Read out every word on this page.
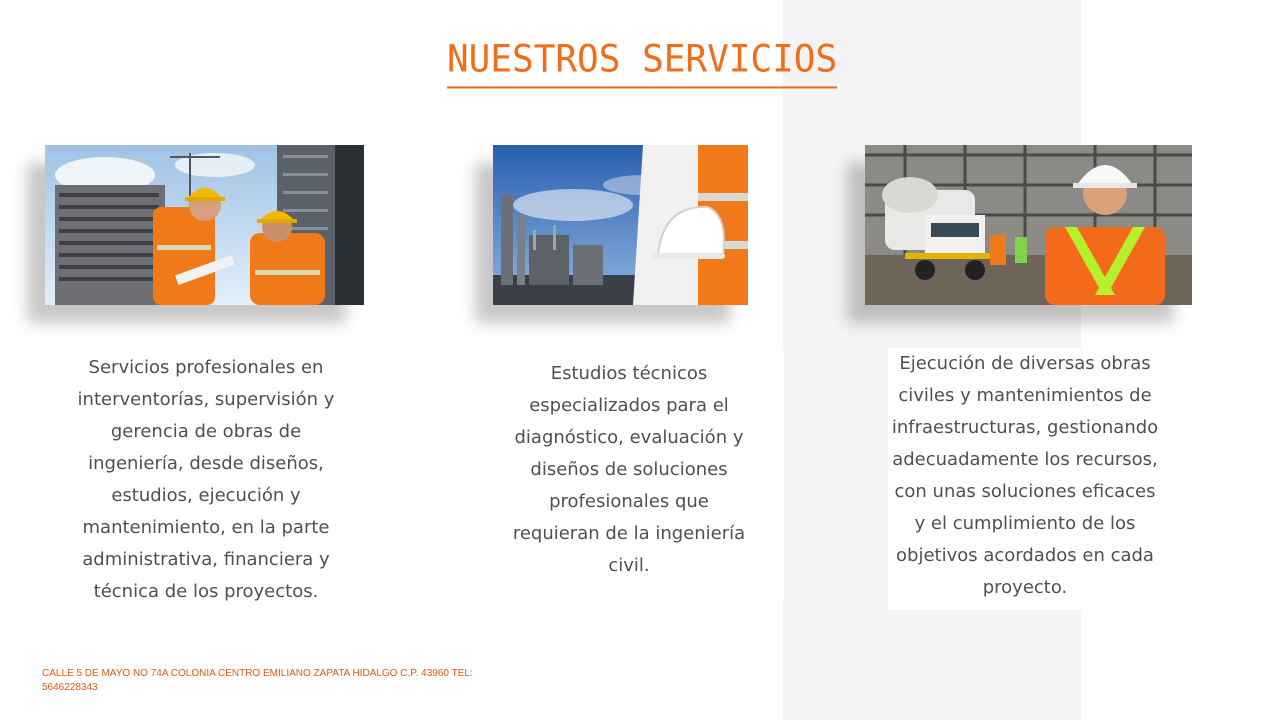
NUESTROS SERVICIOS
Servicios profesionales en interventorías, supervisión y gerencia de obras de ingeniería, desde diseños, estudios, ejecución y mantenimiento, en la parte administrativa, financiera y técnica de los proyectos.
Estudios técnicos especializados para el diagnóstico, evaluación y diseños de soluciones profesionales que requieran de la ingeniería civil.
Ejecución de diversas obras civiles y mantenimientos de infraestructuras, gestionando adecuadamente los recursos, con unas soluciones eficaces y el cumplimiento de los objetivos acordados en cada proyecto.
CALLE 5 DE MAYO NO 74A COLONIA CENTRO EMILIANO ZAPATA HIDALGO C.P. 43960 TEL: 5646228343
